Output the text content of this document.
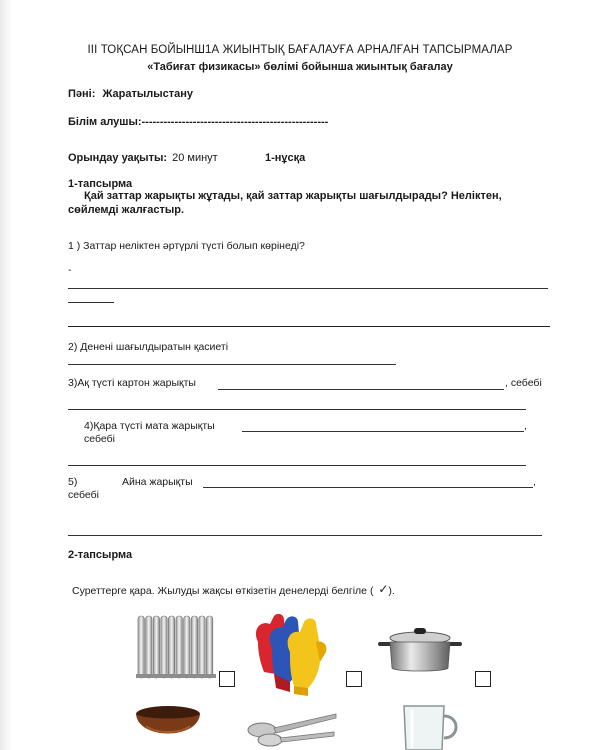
ІІІ ТОҚСАН БОЙЫНШ1А ЖИЫНТЫҚ БАҒАЛАУҒА АРНАЛҒАН ТАПСЫРМАЛАР
«Табиғат физикасы» бөлімі бойынша жиынтық бағалау
Пәні: Жаратылыстану
Білім алушы:---------------------------------------------------
Орындау уақыты: 20 минут	1-нұсқа
1-тапсырма
Қай заттар жарықты жұтады, қай заттар жарықты шағылдырады? Неліктен,
сөйлемді жалғастыр.
1 ) Заттар неліктен әртүрлі түсті болып көрінеді?
-
2) Денені шағылдыратын қасиеті
3)Ақ түсті картон жарықты	, себебі
4)Қара түсті мата жарықты	,
себебі
5)	Айна жарықты	,
себебі
2-тапсырма
Суреттерге қара. Жылуды жақсы өткізетін денелерді белгіле ( ✓ ).
